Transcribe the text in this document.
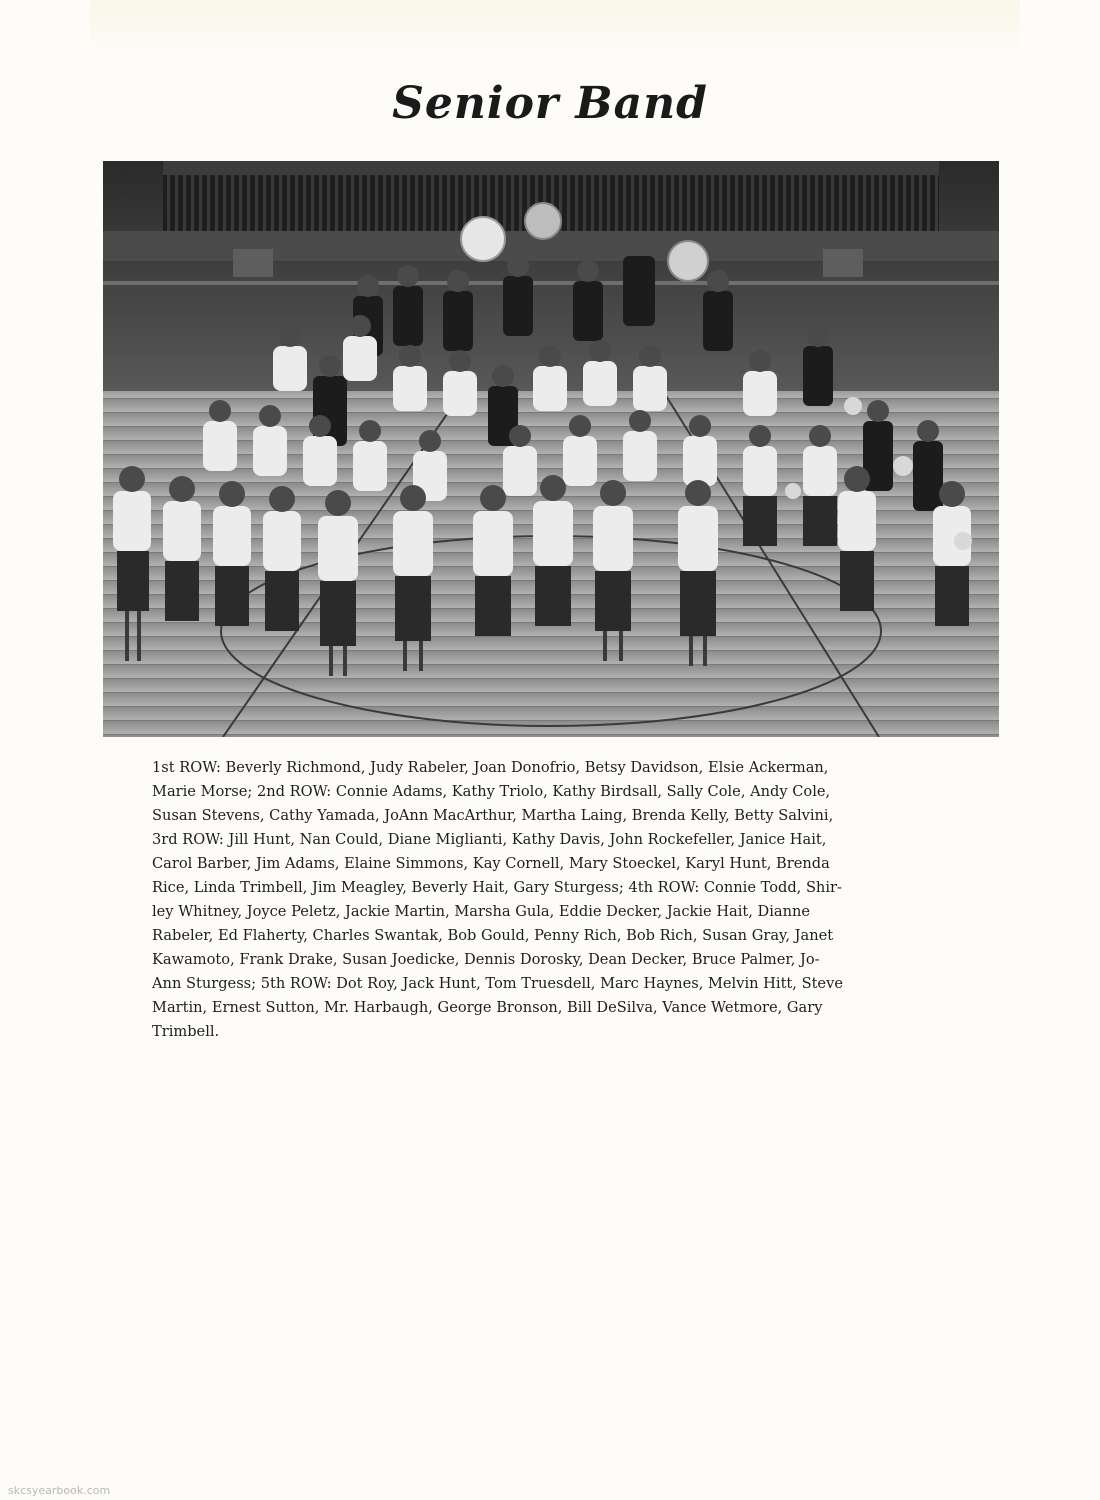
Senior Band
1st ROW: Beverly Richmond, Judy Rabeler, Joan Donofrio, Betsy Davidson, Elsie Ackerman,
Marie Morse; 2nd ROW: Connie Adams, Kathy Triolo, Kathy Birdsall, Sally Cole, Andy Cole,
Susan Stevens, Cathy Yamada, JoAnn MacArthur, Martha Laing, Brenda Kelly, Betty Salvini,
3rd ROW: Jill Hunt, Nan Could, Diane Miglianti, Kathy Davis, John Rockefeller, Janice Hait,
Carol Barber, Jim Adams, Elaine Simmons, Kay Cornell, Mary Stoeckel, Karyl Hunt, Brenda
Rice, Linda Trimbell, Jim Meagley, Beverly Hait, Gary Sturgess; 4th ROW: Connie Todd, Shir-
ley Whitney, Joyce Peletz, Jackie Martin, Marsha Gula, Eddie Decker, Jackie Hait, Dianne
Rabeler, Ed Flaherty, Charles Swantak, Bob Gould, Penny Rich, Bob Rich, Susan Gray, Janet
Kawamoto, Frank Drake, Susan Joedicke, Dennis Dorosky, Dean Decker, Bruce Palmer, Jo-
Ann Sturgess; 5th ROW: Dot Roy, Jack Hunt, Tom Truesdell, Marc Haynes, Melvin Hitt, Steve
Martin, Ernest Sutton, Mr. Harbaugh, George Bronson, Bill DeSilva, Vance Wetmore, Gary
Trimbell.
skcsyearbook.com
